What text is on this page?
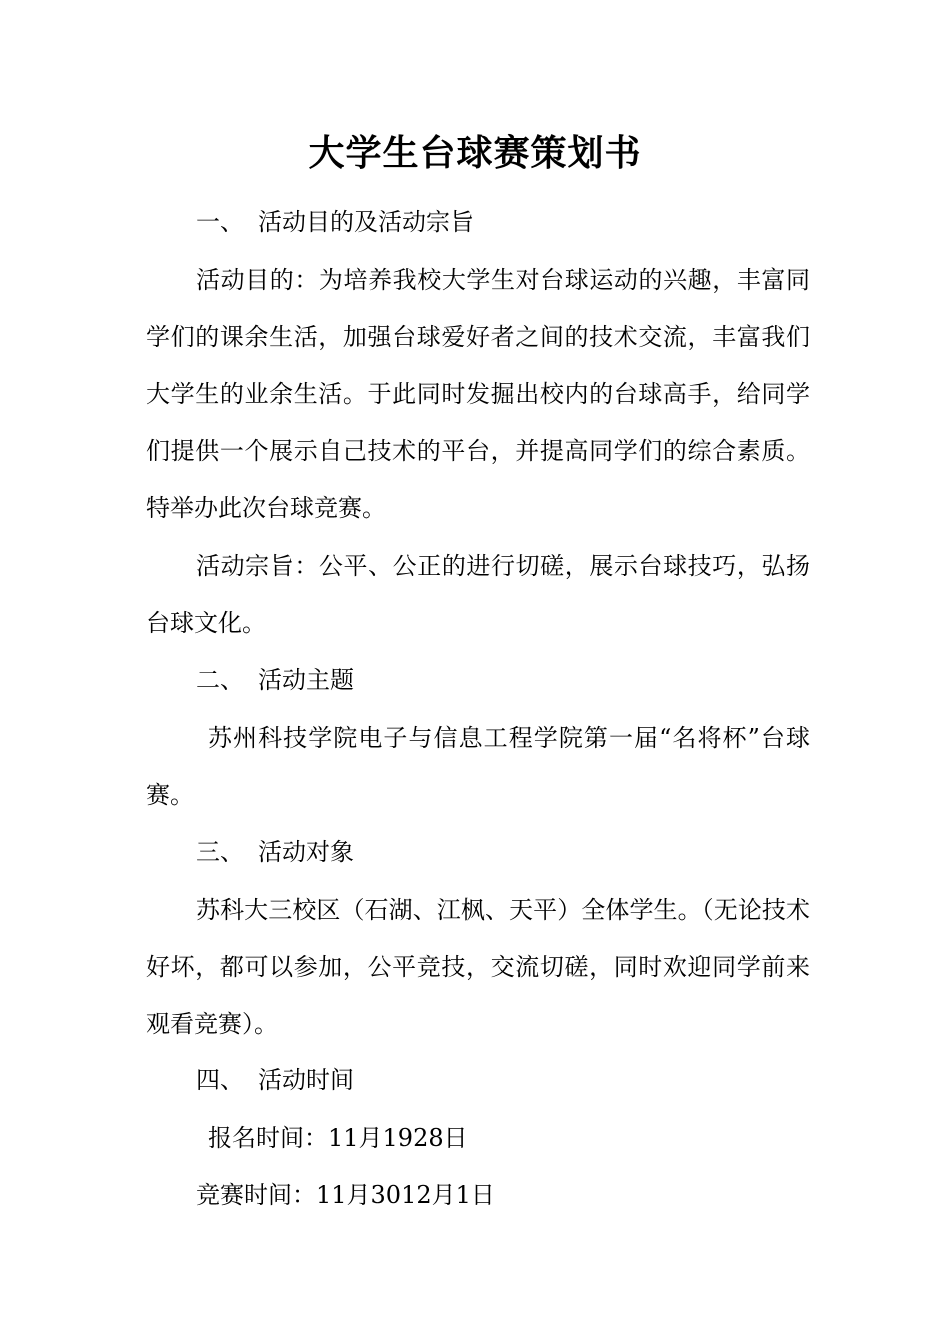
大学生台球赛策划书
一、 活动目的及活动宗旨

活动目的：为培养我校大学生对台球运动的兴趣，丰富同学们的课余生活，加强台球爱好者之间的技术交流，丰富我们大学生的业余生活。于此同时发掘出校内的台球高手，给同学们提供一个展示自己技术的平台，并提高同学们的综合素质。特举办此次台球竞赛。

活动宗旨：公平、公正的进行切磋，展示台球技巧，弘扬台球文化。

二、 活动主题

苏州科技学院电子与信息工程学院第一届“名将杯”台球赛。

三、 活动对象

苏科大三校区（石湖、江枫、天平）全体学生。（无论技术好坏，都可以参加，公平竞技，交流切磋，同时欢迎同学前来观看竞赛）。

四、 活动时间
报名时间：11月1928日
竞赛时间：11月3012月1日
